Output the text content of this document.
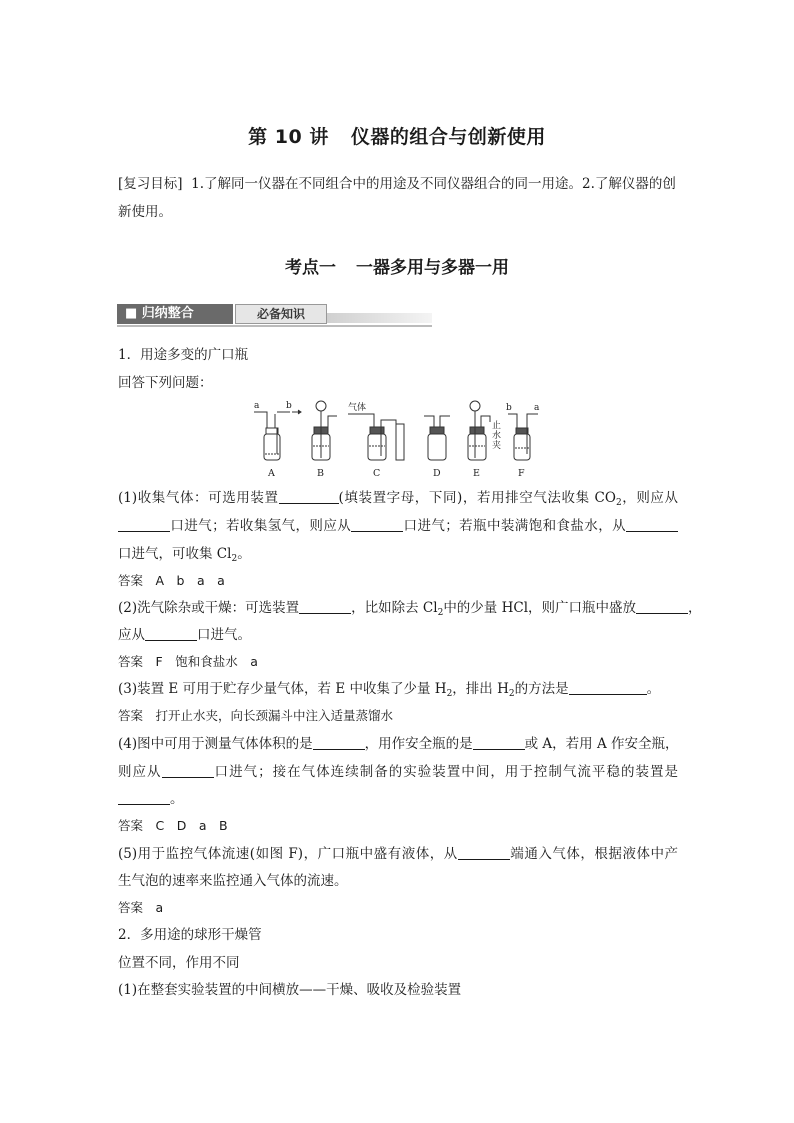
第 10 讲 仪器的组合与创新使用
[复习目标] 1.了解同一仪器在不同组合中的用途及不同仪器组合的同一用途。2.了解仪器的创新使用。
考点一 一器多用与多器一用
■ 归纳整合	必备知识
1．用途多变的广口瓶
回答下列问题：
a	b	气体
止
水
夹
b a
A	B	C	D	E	F
(1)收集气体：可选用装置	(填装置字母，下同)，若用排空气法收集 $CO_2$，则应从
口进气；若收集氢气，则应从	口进气；若瓶中装满饱和食盐水，从
口进气，可收集 $Cl_2$。
答案　A　b　a　a
(2)洗气除杂或干燥：可选装置	，比如除去 $Cl_2$中的少量 HCl，则广口瓶中盛放	，
应从	口进气。
答案　F　饱和食盐水　a
(3)装置 E 可用于贮存少量气体，若 E 中收集了少量 $H_2$，排出 $H_2$的方法是	。
答案　打开止水夹，向长颈漏斗中注入适量蒸馏水
(4)图中可用于测量气体体积的是	，用作安全瓶的是	或 A，若用 A 作安全瓶，
则应从	口进气；接在气体连续制备的实验装置中间，用于控制气流平稳的装置是
。
答案　C　D　a　B
(5)用于监控气体流速(如图 F)，广口瓶中盛有液体，从	端通入气体，根据液体中产
生气泡的速率来监控通入气体的流速。
答案　a
2．多用途的球形干燥管
位置不同，作用不同
(1)在整套实验装置的中间横放——干燥、吸收及检验装置
